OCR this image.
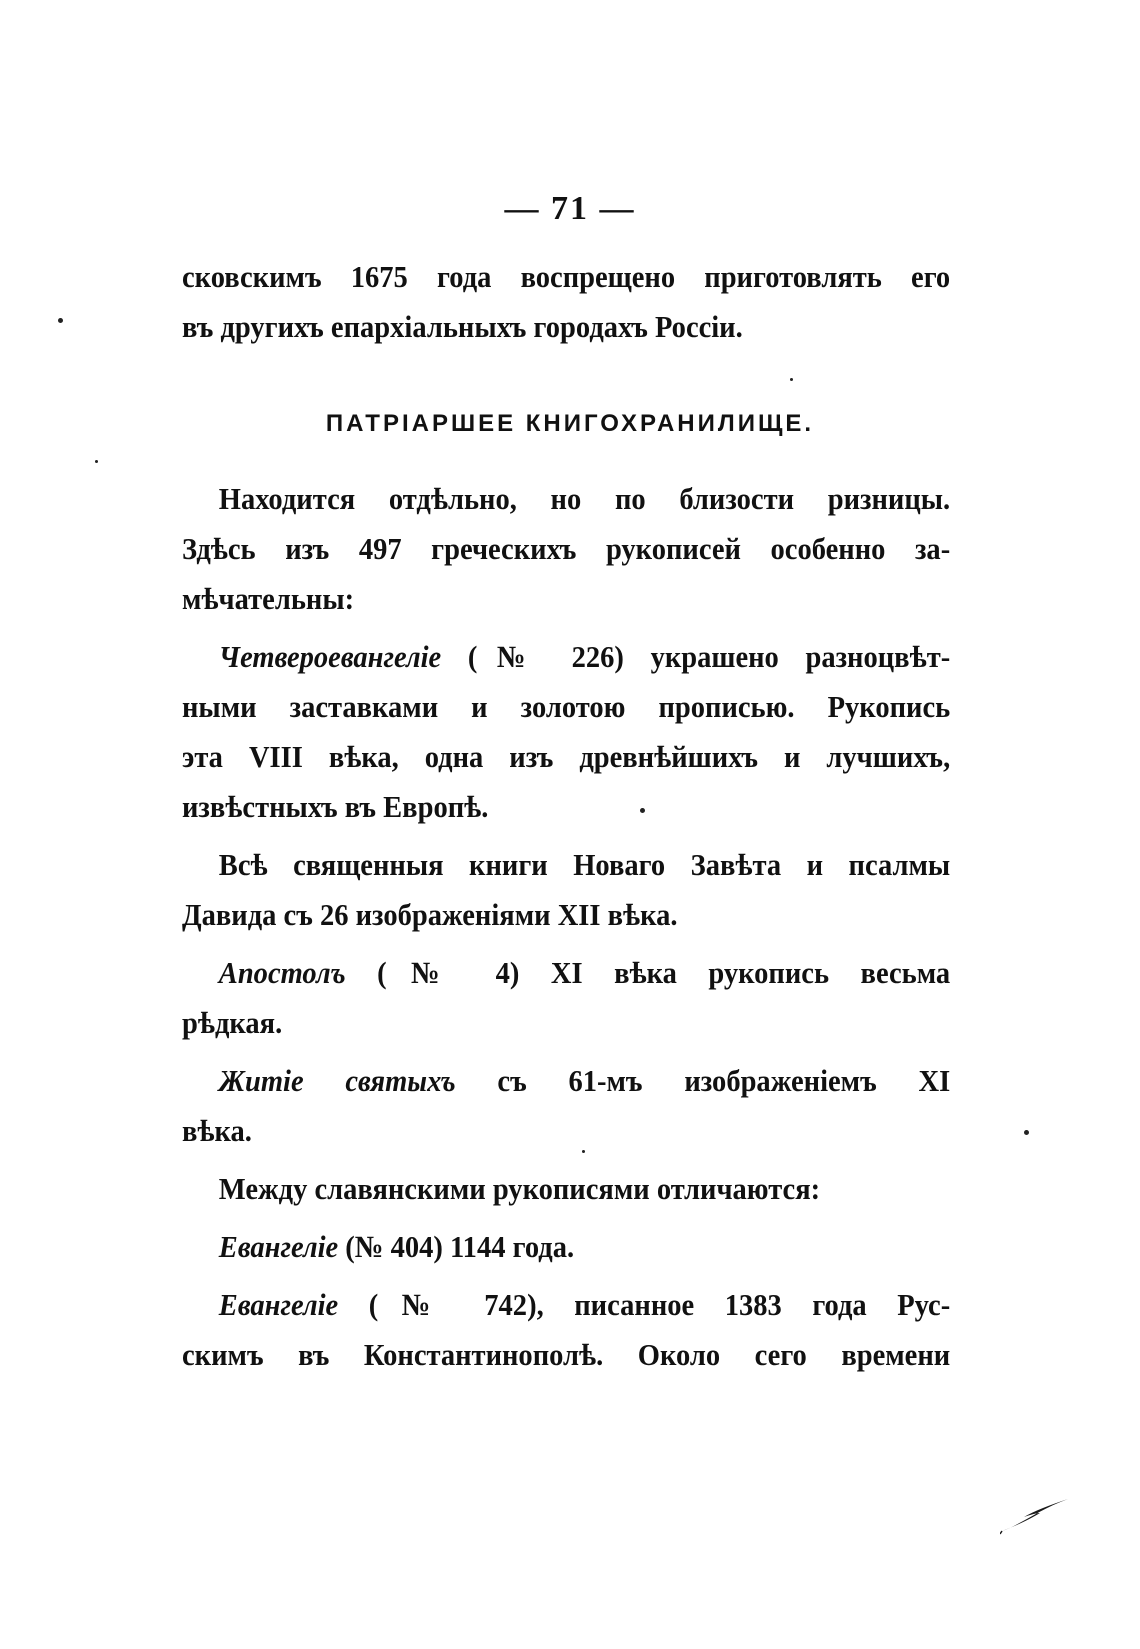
— 71 —
сковскимъ 1675 года воспрещено приготовлять его
въ другихъ епархіальныхъ городахъ Россіи.
ПАТРІАРШЕЕ КНИГОХРАНИЛИЩЕ.
Находится отдѣльно, но по близости ризницы.
Здѣсь изъ 497 греческихъ рукописей особенно за-
мѣчательны:
Четвероевангеліе (№ 226) украшено разноцвѣт-
ными заставками и золотою прописью. Рукопись
эта VIII вѣка, одна изъ древнѣйшихъ и лучшихъ,
извѣстныхъ въ Европѣ.
Всѣ священныя книги Новаго Завѣта и псалмы
Давида съ 26 изображеніями XII вѣка.
Апостолъ (№ 4) XI вѣка рукопись весьма
рѣдкая.
Житіе святыхъ съ 61-мъ изображеніемъ XI
вѣка.
Между славянскими рукописями отличаются:
Евангеліе (№ 404) 1144 года.
Евангеліе (№ 742), писанное 1383 года Рус-
скимъ въ Константинополѣ. Около сего времени
